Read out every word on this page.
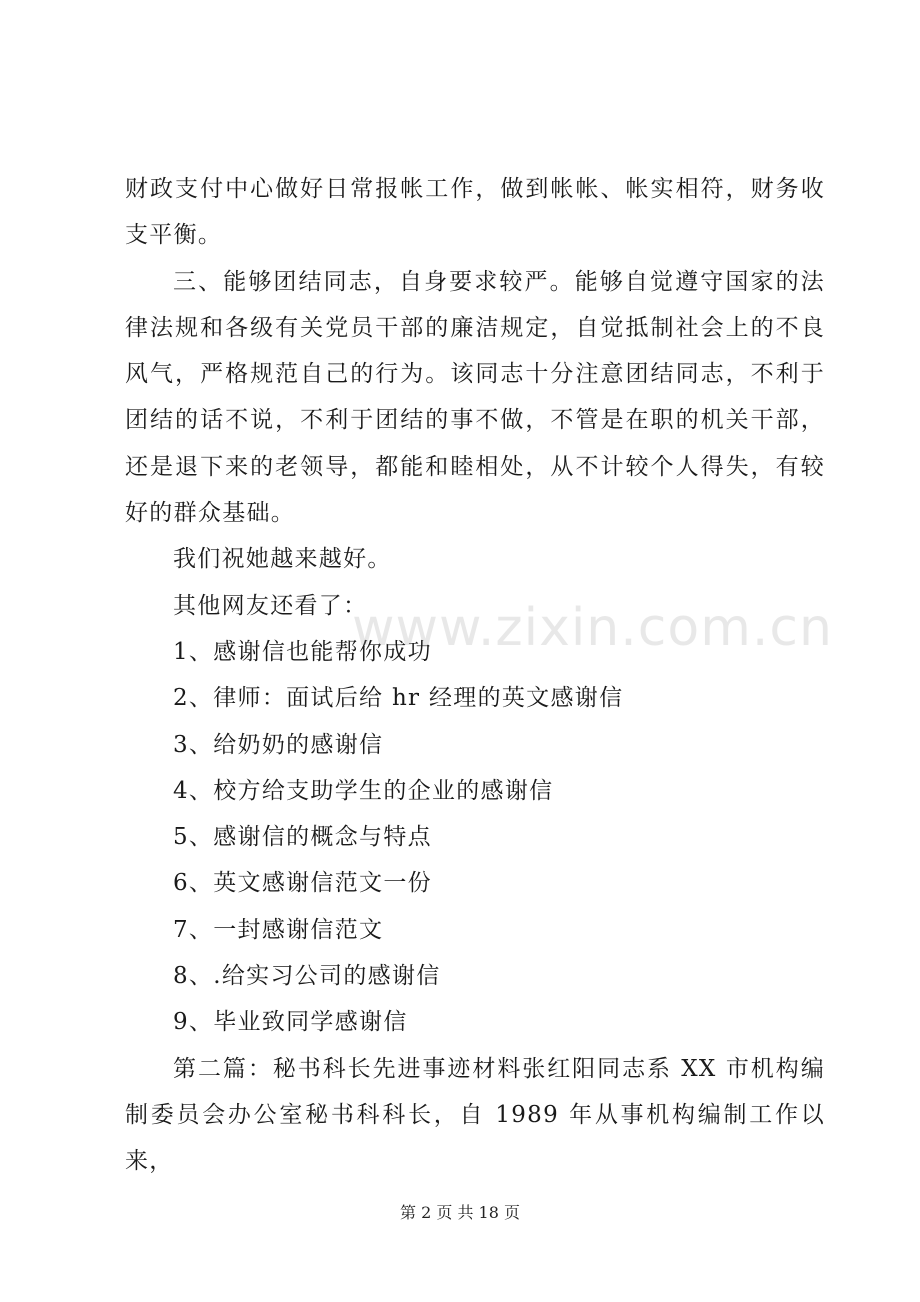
财政支付中心做好日常报帐工作，做到帐帐、帐实相符，财务收支平衡。

三、能够团结同志，自身要求较严。能够自觉遵守国家的法律法规和各级有关党员干部的廉洁规定，自觉抵制社会上的不良风气，严格规范自己的行为。该同志十分注意团结同志，不利于团结的话不说，不利于团结的事不做，不管是在职的机关干部，还是退下来的老领导，都能和睦相处，从不计较个人得失，有较好的群众基础。

我们祝她越来越好。

其他网友还看了：

1、感谢信也能帮你成功

2、律师：面试后给 hr 经理的英文感谢信

3、给奶奶的感谢信

4、校方给支助学生的企业的感谢信

5、感谢信的概念与特点

6、英文感谢信范文一份

7、一封感谢信范文

8、.给实习公司的感谢信

9、毕业致同学感谢信

第二篇：秘书科长先进事迹材料张红阳同志系 XX 市机构编制委员会办公室秘书科科长，自 1989 年从事机构编制工作以来，

www.zixin.com.cn
第 2 页 共 18 页
